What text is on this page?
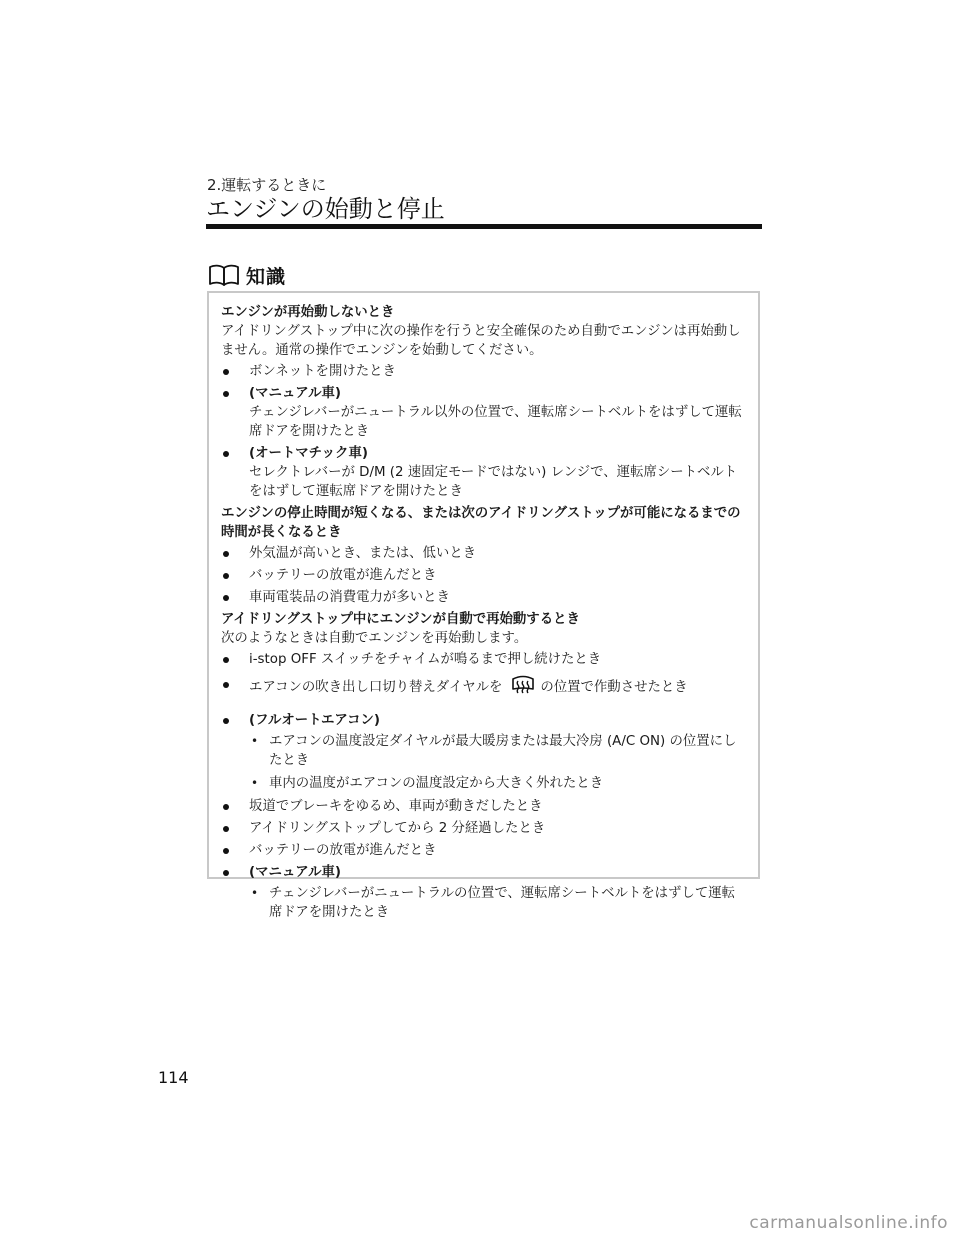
2.運転するときに
エンジンの始動と停止
知識

エンジンが再始動しないとき

アイドリングストップ中に次の操作を行うと安全確保のため自動でエンジンは再始動しません。通常の操作でエンジンを始動してください。

ボンネットを開けたとき
(マニュアル車)
チェンジレバーがニュートラル以外の位置で、運転席シートベルトをはずして運転席ドアを開けたとき
(オートマチック車)
セレクトレバーが D/M (2 速固定モードではない) レンジで、運転席シートベルトをはずして運転席ドアを開けたとき

エンジンの停止時間が短くなる、または次のアイドリングストップが可能になるまでの時間が長くなるとき

外気温が高いとき、または、低いとき
バッテリーの放電が進んだとき
車両電装品の消費電力が多いとき

アイドリングストップ中にエンジンが自動で再始動するとき

次のようなときは自動でエンジンを再始動します。

i-stop OFF スイッチをチャイムが鳴るまで押し続けたとき
エアコンの吹き出し口切り替えダイヤルを	の位置で作動させたとき
(フルオートエアコン)
• エアコンの温度設定ダイヤルが最大暖房または最大冷房 (A/C ON) の位置にしたとき
• 車内の温度がエアコンの温度設定から大きく外れたとき
坂道でブレーキをゆるめ、車両が動きだしたとき
アイドリングストップしてから 2 分経過したとき
バッテリーの放電が進んだとき
(マニュアル車)
• チェンジレバーがニュートラルの位置で、運転席シートベルトをはずして運転席ドアを開けたとき
114
carmanualsonline.info
